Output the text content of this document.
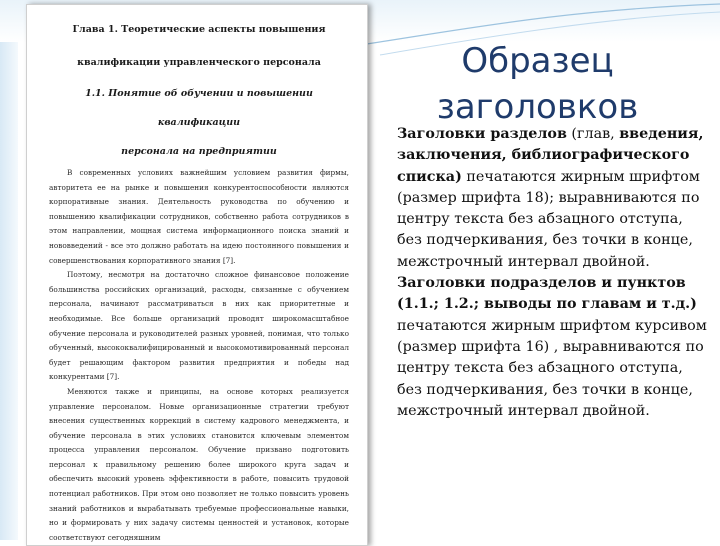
Глава 1. Теоретические аспекты повышения
квалификации управленческого персонала
1.1. Понятие об обучении и повышении квалификации
персонала на предприятии

В современных условиях важнейшим условием развития фирмы, авторитета ее на рынке и повышения конкурентоспособности являются корпоративные знания. Деятельность руководства по обучению и повышению квалификации сотрудников, собственно работа сотрудников в этом направлении, мощная система информационного поиска знаний и нововведений - все это должно работать на идею постоянного повышения и совершенствования корпоративного знания [7].

Поэтому, несмотря на достаточно сложное финансовое положение большинства российских организаций, расходы, связанные с обучением персонала, начинают рассматриваться в них как приоритетные и необходимые. Все больше организаций проводят широкомасштабное обучение персонала и руководителей разных уровней, понимая, что только обученный, высококвалифицированный и высокомотивированный персонал будет решающим фактором развития предприятия и победы над конкурентами [7].

Меняются также и принципы, на основе которых реализуется управление персоналом. Новые организационные стратегии требуют внесения существенных коррекций в систему кадрового менеджмента, и обучение персонала в этих условиях становится ключевым элементом процесса управления персоналом. Обучение призвано подготовить персонал к правильному решению более широкого круга задач и обеспечить высокий уровень эффективности в работе, повысить трудовой потенциал работников. При этом оно позволяет не только повысить уровень знаний работников и вырабатывать требуемые профессиональные навыки, но и формировать у них задачу системы ценностей и установок, которые соответствуют сегодняшним

Образец
заголовков
Заголовки разделов (глав, введения, заключения, библиографического списка) печатаются жирным шрифтом (размер шрифта 18); выравниваются по центру текста без абзацного отступа, без подчеркивания, без точки в конце, межстрочный интервал двойной.
Заголовки подразделов и пунктов (1.1.; 1.2.; выводы по главам и т.д.) печатаются жирным шрифтом курсивом (размер шрифта 16) , выравниваются по центру текста без абзацного отступа, без подчеркивания, без точки в конце, межстрочный интервал двойной.
